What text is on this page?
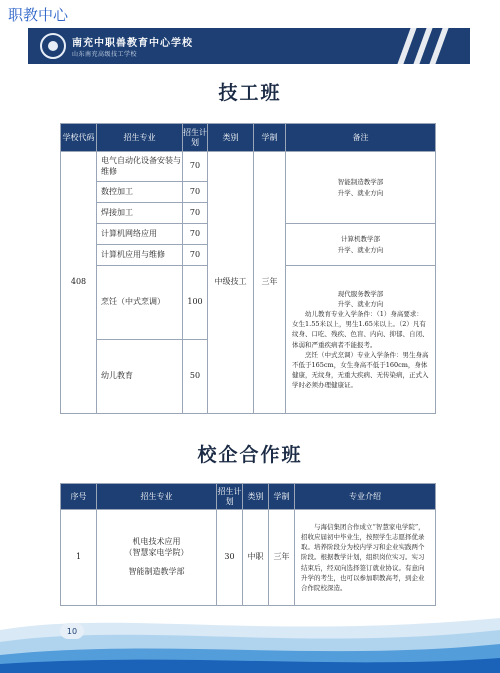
职教中心
南充中职兽教育中心学校
山东南充高级技工学校
技工班
学校代码	招生专业	招生计划	类别	学制	备注
408	电气自动化设备安装与维修	70	中级技工	三年	智能制造教学部
升学、就业方向

	数控加工	70			
	焊接加工	70			
	计算机网络应用	70			计算机教学部
升学、就业方向

	计算机应用与维修	70			
	烹饪（中式烹调）	100			现代服务教学部
升学、就业方向
幼儿教育专业入学条件：（1）身高要求：女生1.55米以上，男生1.65米以上。（2）凡有纹身、口吃、残疾、色盲、内向、抑郁、自闭、体弱和严重疾病者不能报考。
烹饪（中式烹调）专业入学条件：男生身高不低于165cm，女生身高不低于160cm，身体健康，无纹身，无重大疾病、无传染病，正式入学时必须办理健康证。

	幼儿教育	50			
校企合作班
序号	招生专业	招生计划	类别	学制	专业介绍
1	机电技术应用
（智慧家电学院）
智能制造教学部	30	中职	三年	与海信集团合作成立“智慧家电学院”，招收应届初中毕业生，按照学生志愿择优录取。培养阶段分为校内学习和企业实践两个阶段。根据教学计划，组织岗位实习。实习结束后，经双向选择签订就业协议。有意向升学的考生，也可以参加职教高考，到企业合作院校深造。
10
